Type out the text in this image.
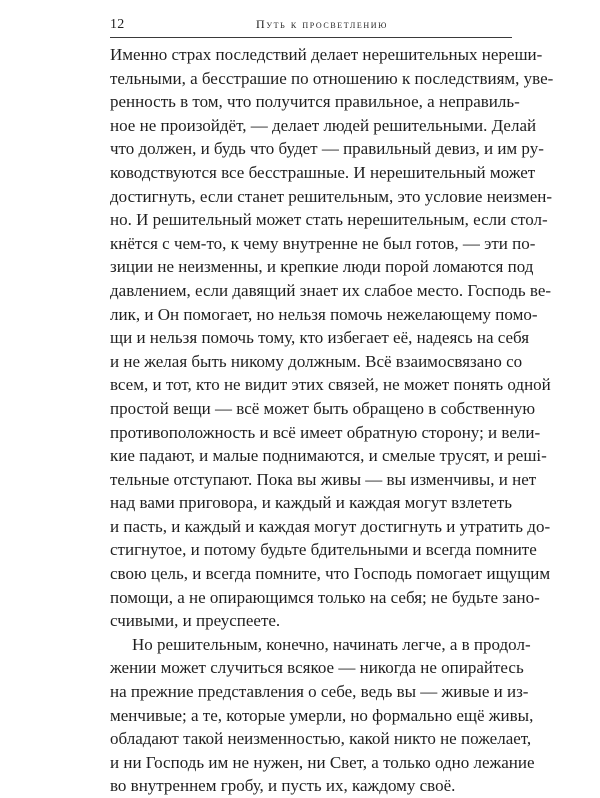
12	Путь к просветлению
Именно страх последствий делает нерешительных нереши-
тельными, а бесстрашие по отношению к последствиям, уве-
ренность в том, что получится правильное, а неправиль-
ное не произойдёт, — делает людей решительными. Делай
что должен, и будь что будет — правильный девиз, и им ру-
ководствуются все бесстрашные. И нерешительный может
достигнуть, если станет решительным, это условие неизмен-
но. И решительный может стать нерешительным, если стол-
кнётся с чем-то, к чему внутренне не был готов, — эти по-
зиции не неизменны, и крепкие люди порой ломаются под
давлением, если давящий знает их слабое место. Господь ве-
лик, и Он помогает, но нельзя помочь нежелающему помо-
щи и нельзя помочь тому, кто избегает её, надеясь на себя
и не желая быть никому должным. Всё взаимосвязано со
всем, и тот, кто не видит этих связей, не может понять одной
простой вещи — всё может быть обращено в собственную
противоположность и всё имеет обратную сторону; и вели-
кие падают, и малые поднимаются, и смелые трусят, и решi-
тельные отступают. Пока вы живы — вы изменчивы, и нет
над вами приговора, и каждый и каждая могут взлететь
и пасть, и каждый и каждая могут достигнуть и утратить до-
стигнутое, и потому будьте бдительными и всегда помните
свою цель, и всегда помните, что Господь помогает ищущим
помощи, а не опирающимся только на себя; не будьте зано-
счивыми, и преуспеете.
Но решительным, конечно, начинать легче, а в продол-
жении может случиться всякое — никогда не опирайтесь
на прежние представления о себе, ведь вы — живые и из-
менчивые; а те, которые умерли, но формально ещё живы,
обладают такой неизменностью, какой никто не пожелает,
и ни Господь им не нужен, ни Свет, а только одно лежание
во внутреннем гробу, и пусть их, каждому своё.
